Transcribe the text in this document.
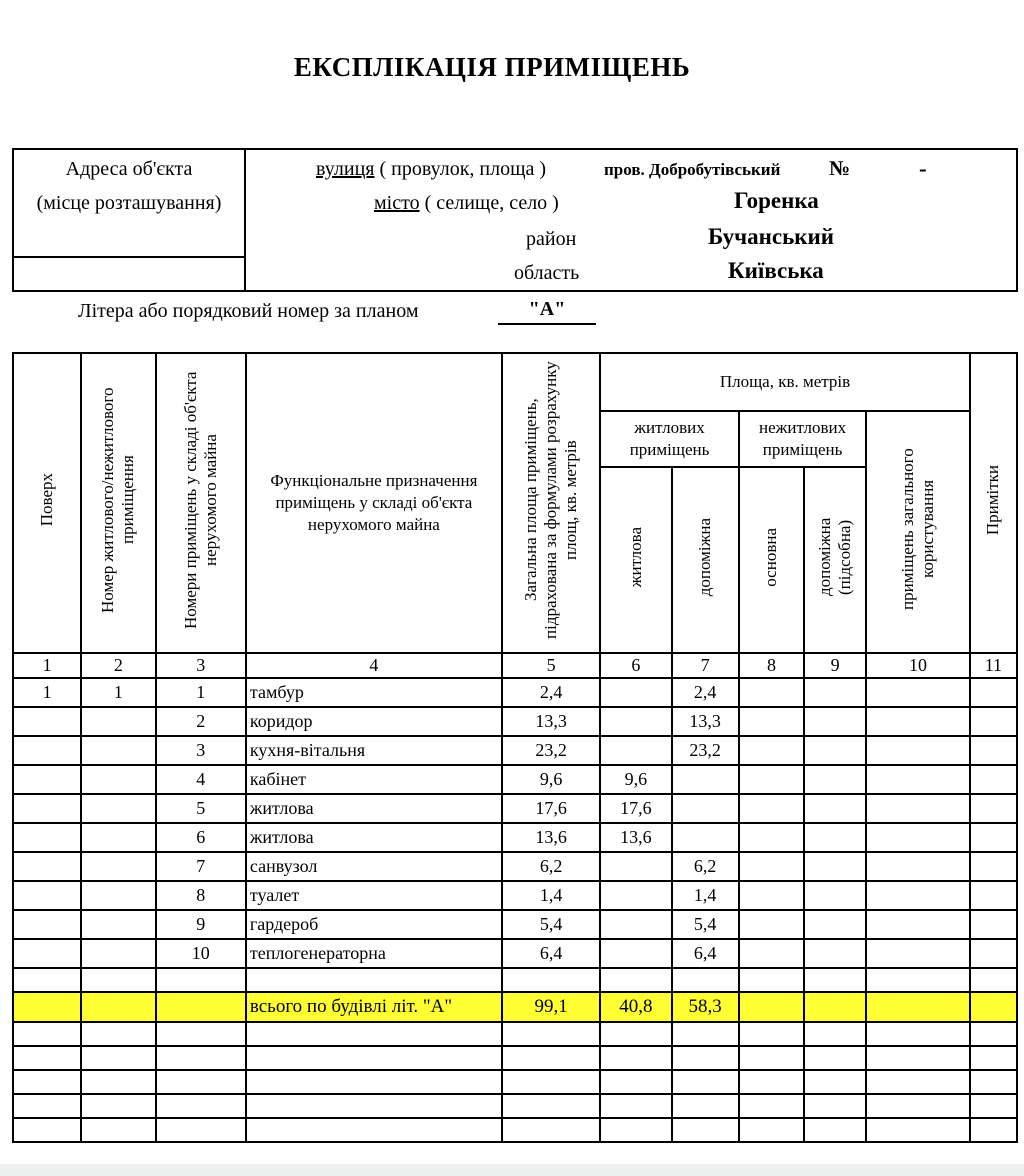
ЕКСПЛІКАЦІЯ ПРИМІЩЕНЬ
Адреса об'єкта
(місце розташування)
вулиця ( провулок, площа )	пров. Добробутівський №	-
місто ( селище, село )	Горенка
район	Бучанський
область	Київська
Літера або порядковий номер за планом	"А"
Поверх	Номер житлового/нежитлового приміщення	Номери приміщень у складі об'єкта нерухомого майна	Функціональне призначення приміщень у складі об'єкта нерухомого майна	Загальна площа приміщень, підрахована за формулами розрахунку площ, кв. метрів	Площа, кв. метрів					Примітки
					житлових приміщень		нежитлових приміщень		приміщень загального користування	
					житлова	допоміжна	основна	допоміжна (підсобна)		
1	2	3	4	5	6	7	8	9	10	11
1	1	1	тамбур	2,4		2,4				
		2	коридор	13,3		13,3				
		3	кухня-вітальня	23,2		23,2				
		4	кабінет	9,6	9,6					
		5	житлова	17,6	17,6					
		6	житлова	13,6	13,6					
		7	санвузол	6,2		6,2				
		8	туалет	1,4		1,4				
		9	гардероб	5,4		5,4				
		10	теплогенераторна	6,4		6,4				

			всього по будівлі літ. "А"	99,1	40,8	58,3				
